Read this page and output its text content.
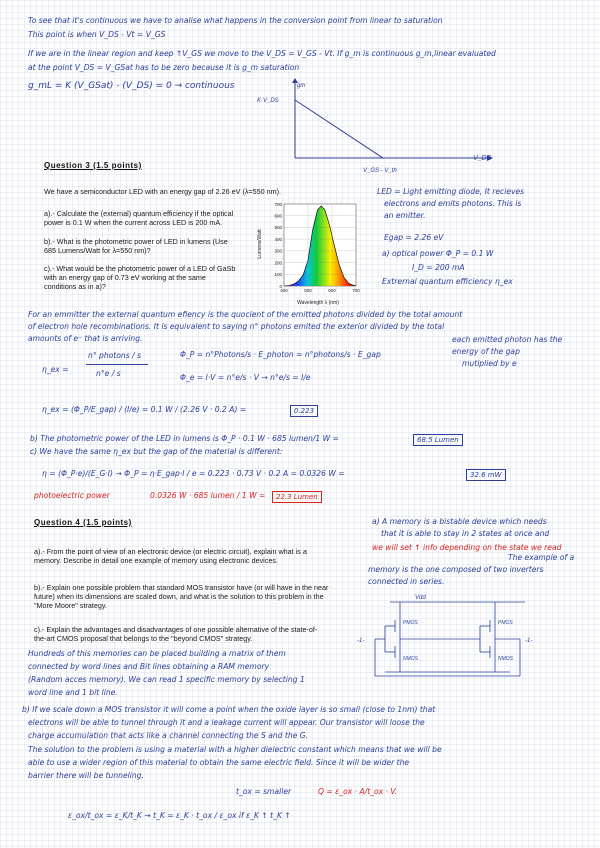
To see that it's continuous we have to analise what happens in the conversion point from linear to saturation
This point is when V_DS - Vt = V_GS
If we are in the linear region and keep ↑V_GS we move to the V_DS = V_GS - Vt. If g_m is continuous g_m,linear evaluated
at the point V_DS = V_GSat has to be zero because it is g_m saturation
g_mL = K (V_GSat) - (V_DS) = 0 → continuous	gm
K·V_DS
V_GS - V_th
V_DS
Question 3 (1.5 points)
We have a semiconductor LED with an energy gap of 2.26 eV (λ=550 nm).
a).- Calculate the (external) quantum efficiency if the optical
power is 0.1 W when the current across LED is 200 mA.
b).- What is the photometric power of LED in lumens (Use
685 Lumens/Watt for λ=550 nm)?
c).- What would be the photometric power of a LED of GaSb
with an energy gap of 0.73 eV working at the same
conditions as in a)?	0
100
200
300
400
500
600
700
400	500	600	700
Wavelength λ (nm)
Lumens/Watt
LED = Light emitting diode, It recieves
electrons and emits photons. This is
an emitter.
Egap = 2.26 eV
a) optical power Φ_P = 0.1 W
I_D = 200 mA
Extrernal quantum efficiency η_ex
For an emmitter the external quantum efiency is the quocient of the emitted photons divided by the total amount
of electron hole recombinations. It is equivalent to saying n° photons emited the exterior divided by the total
amounts of e⁻ that is arriving.	each emitted photon has the
energy of the gap
mutiplied by e
η_ex =
n° photons / s
n°e / s
Φ_P = n°Photons/s · E_photon = n°photons/s · E_gap
Φ_e = I·V = n°e/s · V → n°e/s = I/e
η_ex = (Φ_P/E_gap) / (I/e) = 0.1 W / (2.26 V · 0.2 A) =	0.223
b) The photometric power of the LED in lumens is Φ_P · 0.1 W · 685 lumen/1 W =	68.5 Lumen
c) We have the same η_ex but the gap of the material is different:
η = (Φ_P·e)/(E_G·I) → Φ_P = η·E_gap·I / e = 0.223 · 0.73 V · 0.2 A = 0.0326 W =	32.6 mW
photoelectric power	0.0326 W · 685 lumen / 1 W =	22.3 Lumen
Question 4 (1.5 points)
a).- From the point of view of an electronic device (or electric circuit), explain what is a
memory. Describe in detail one example of memory using electronic devices.
b).- Explain one possible problem that standard MOS transistor have (or will have in the near
future) when its dimensions are scaled down, and what is the solution to this problem in the
"More Moore" strategy.
c).- Explain the advantages and disadvantages of one possible alternative of the state-of-
the-art CMOS proposal that belongs to the "beyond CMOS" strategy.
a) A memory is a bistable device which needs
that it is able to stay in 2 states at once and
we will set ↑ info depending on the state we read
The example of a
memory is the one composed of two inverters
connected in series.
Vdd
PMOS
NMOS
PMOS
NMOS
-1-	-1-
Hundreds of this memories can be placed building a matrix of them
connected by word lines and Bit lines obtaining a RAM memory
(Random acces memory). We can read 1 specific memory by selecting 1
word line and 1 bit line.
b) If we scale down a MOS transistor it will come a point when the oxide layer is so small (close to 1nm) that
electrons will be able to tunnel through it and a leakage current will appear. Our transistor will loose the
charge accumulation that acts like a channel connecting the S and the G.
The solution to the problem is using a material with a higher dielectric constant which means that we will be
able to use a wider region of this material to obtain the same electric field. Since it will be wider the
barrier there will be tunneling.
t_ox = smaller	Q = ε_ox · A/t_ox · V.
ε_ox/t_ox = ε_K/t_K → t_K = ε_K · t_ox / ε_ox if ε_K ↑ t_K ↑
